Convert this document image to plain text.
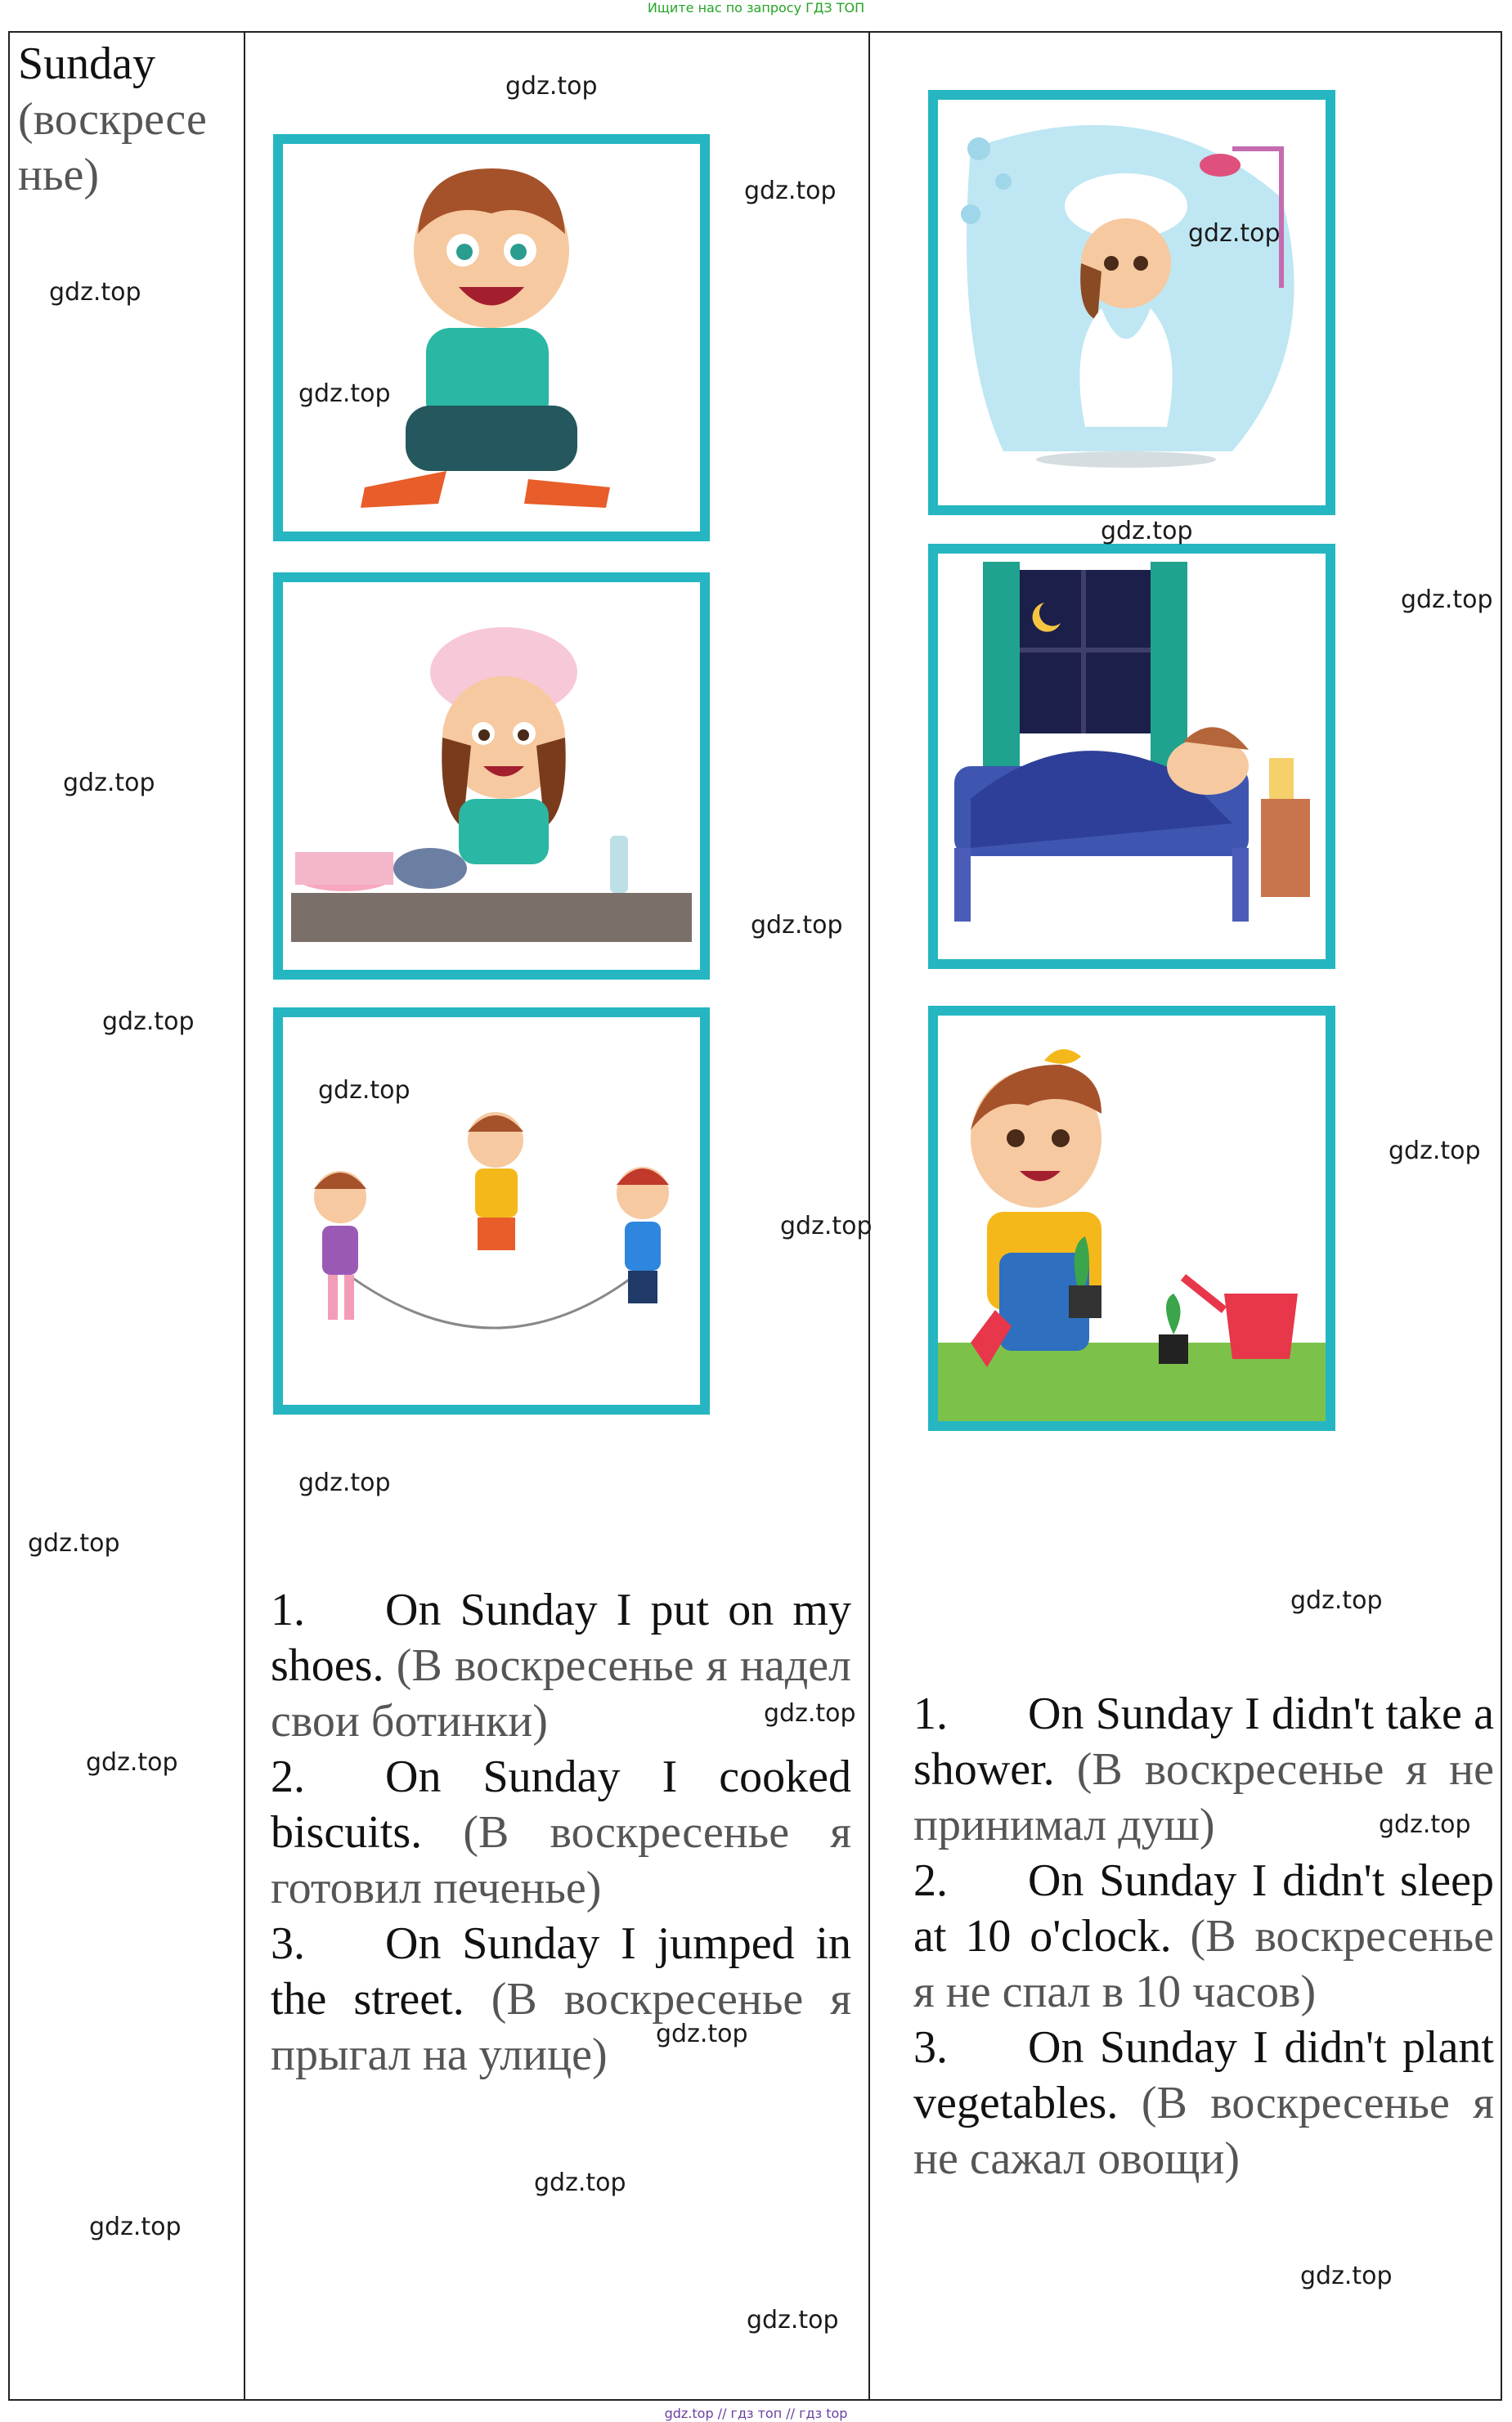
Ищите нас по запросу ГДЗ ТОП
Sunday
(воскресе
нье)

1. On Sunday I put on my shoes. (В воскресенье я надел свои ботинки)

2. On Sunday I cooked biscuits. (В воскресенье я готовил печенье)

3. On Sunday I jumped in the street. (В воскресенье я прыгал на улице)

1. On Sunday I didn't take a shower. (В воскресенье я не принимал душ)

2. On Sunday I didn't sleep at 10 o'clock. (В воскресенье я не спал в 10 часов)

3. On Sunday I didn't plant vegetables. (В воскресенье я не сажал овощи)

gdz.top
gdz.top
gdz.top
gdz.top
gdz.top
gdz.top
gdz.top
gdz.top
gdz.top
gdz.top
gdz.top
gdz.top
gdz.top
gdz.top
gdz.top
gdz.top
gdz.top
gdz.top
gdz.top
gdz.top
gdz.top
gdz.top
gdz.top
gdz.top
gdz.top // гдз топ // гдз top
